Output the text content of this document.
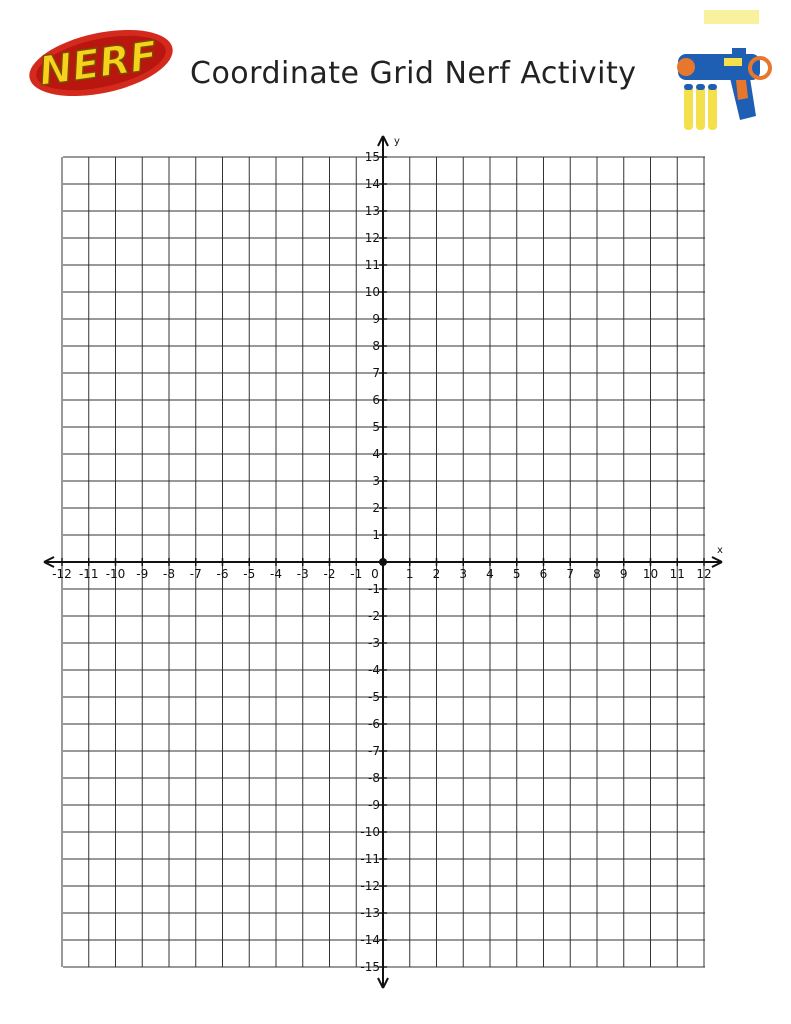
NERF Coordinate Grid Nerf Activity
-12 -11 -10 -9 -8 -7 -6 -5 -4 -3 -2 -1 0 1 2 3 4 5 6 7 8 9 10 11 12
15
14
13
12
11
10
9
8
7
6
5
4
3
2
1
-1
-2
-3
-4
-5
-6
-7
-8
-9
-10
-11
-12
-13
-14
-15
x
y
